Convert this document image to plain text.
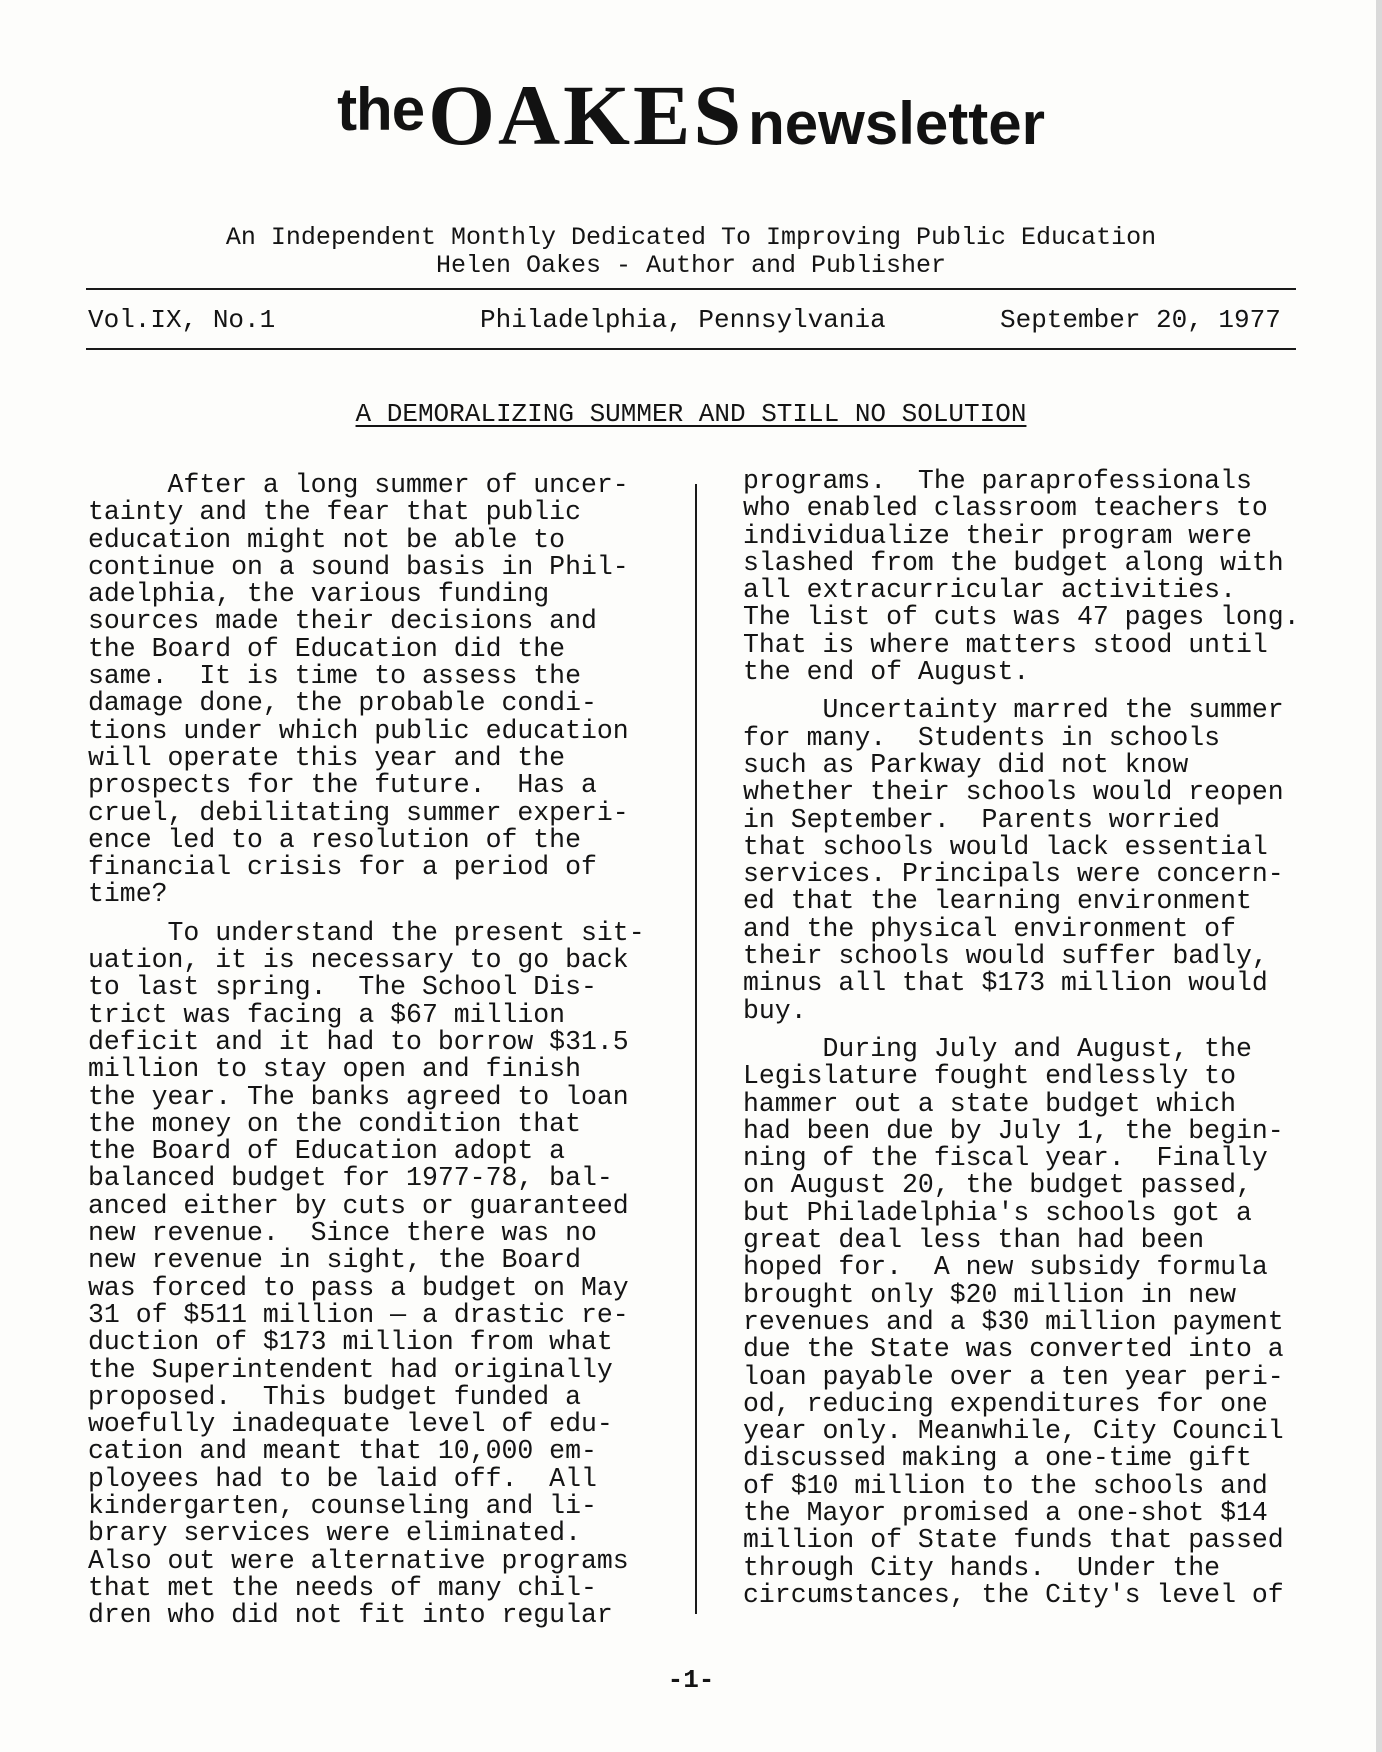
theOAKESnewsletter
An Independent Monthly Dedicated To Improving Public Education
Helen Oakes - Author and Publisher
Vol.IX, No.1	Philadelphia, Pennsylvania	September 20, 1977
A DEMORALIZING SUMMER AND STILL NO SOLUTION
After a long summer of uncer-
tainty and the fear that public
education might not be able to
continue on a sound basis in Phil-
adelphia, the various funding
sources made their decisions and
the Board of Education did the
same.  It is time to assess the
damage done, the probable condi-
tions under which public education
will operate this year and the
prospects for the future.  Has a
cruel, debilitating summer experi-
ence led to a resolution of the
financial crisis for a period of
time?
To understand the present sit-
uation, it is necessary to go back
to last spring.  The School Dis-
trict was facing a $67 million
deficit and it had to borrow $31.5
million to stay open and finish
the year. The banks agreed to loan
the money on the condition that
the Board of Education adopt a
balanced budget for 1977-78, bal-
anced either by cuts or guaranteed
new revenue.  Since there was no
new revenue in sight, the Board
was forced to pass a budget on May
31 of $511 million — a drastic re-
duction of $173 million from what
the Superintendent had originally
proposed.  This budget funded a
woefully inadequate level of edu-
cation and meant that 10,000 em-
ployees had to be laid off.  All
kindergarten, counseling and li-
brary services were eliminated.
Also out were alternative programs
that met the needs of many chil-
dren who did not fit into regular
programs.  The paraprofessionals
who enabled classroom teachers to
individualize their program were
slashed from the budget along with
all extracurricular activities.
The list of cuts was 47 pages long.
That is where matters stood until
the end of August.
Uncertainty marred the summer
for many.  Students in schools
such as Parkway did not know
whether their schools would reopen
in September.  Parents worried
that schools would lack essential
services. Principals were concern-
ed that the learning environment
and the physical environment of
their schools would suffer badly,
minus all that $173 million would
buy.
During July and August, the
Legislature fought endlessly to
hammer out a state budget which
had been due by July 1, the begin-
ning of the fiscal year.  Finally
on August 20, the budget passed,
but Philadelphia's schools got a
great deal less than had been
hoped for.  A new subsidy formula
brought only $20 million in new
revenues and a $30 million payment
due the State was converted into a
loan payable over a ten year peri-
od, reducing expenditures for one
year only. Meanwhile, City Council
discussed making a one-time gift
of $10 million to the schools and
the Mayor promised a one-shot $14
million of State funds that passed
through City hands.  Under the
circumstances, the City's level of
-1-
